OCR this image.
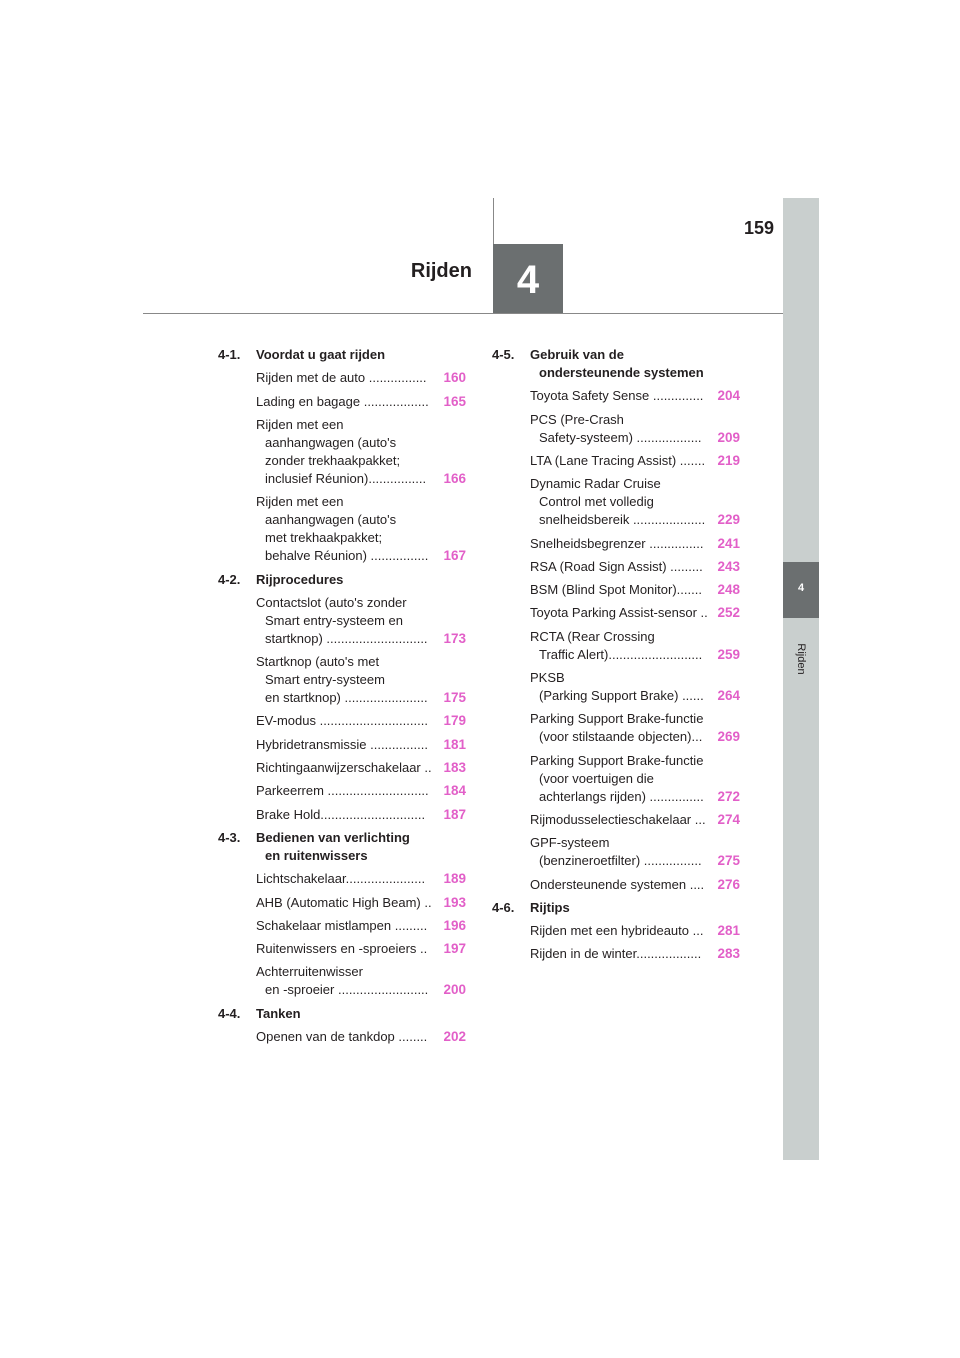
4
Rijden
159
4
Rijden
4-1. Voordat u gaat rijden
Rijden met de auto ................	160
Lading en bagage ..................	165
Rijden met een
aanhangwagen (auto's
zonder trekhaakpakket;
inclusief Réunion)................	166
Rijden met een
aanhangwagen (auto's
met trekhaakpakket;
behalve Réunion) ................	167
4-2. Rijprocedures
Contactslot (auto's zonder
Smart entry-systeem en
startknop) ............................	173
Startknop (auto's met
Smart entry-systeem
en startknop) .......................	175
EV-modus ..............................	179
Hybridetransmissie ................	181
Richtingaanwijzerschakelaar .. 183
Parkeerrem ............................	184
Brake Hold.............................	187
4-3. Bedienen van verlichting
en ruitenwissers
Lichtschakelaar......................	189
AHB (Automatic High Beam) .. 193
Schakelaar mistlampen .........	196
Ruitenwissers en -sproeiers ..	197
Achterruitenwisser
en -sproeier .........................	200
4-4. Tanken
Openen van de tankdop ........	202
4-5. Gebruik van de
ondersteunende systemen
Toyota Safety Sense ..............	204
PCS (Pre-Crash
Safety-systeem) ..................	209
LTA (Lane Tracing Assist) ....... 219
Dynamic Radar Cruise
Control met volledig
snelheidsbereik .................... 229
Snelheidsbegrenzer ...............	241
RSA (Road Sign Assist) .........	243
BSM (Blind Spot Monitor).......	248
Toyota Parking Assist-sensor .. 252
RCTA (Rear Crossing
Traffic Alert)..........................	259
PKSB
(Parking Support Brake) ......	264
Parking Support Brake-functie
(voor stilstaande objecten)...	269
Parking Support Brake-functie
(voor voertuigen die
achterlangs rijden) ...............	272
Rijmodusselectieschakelaar ... 274
GPF-systeem
(benzineroetfilter) ................	275
Ondersteunende systemen .... 276
4-6. Rijtips
Rijden met een hybrideauto ...	281
Rijden in de winter..................	283
